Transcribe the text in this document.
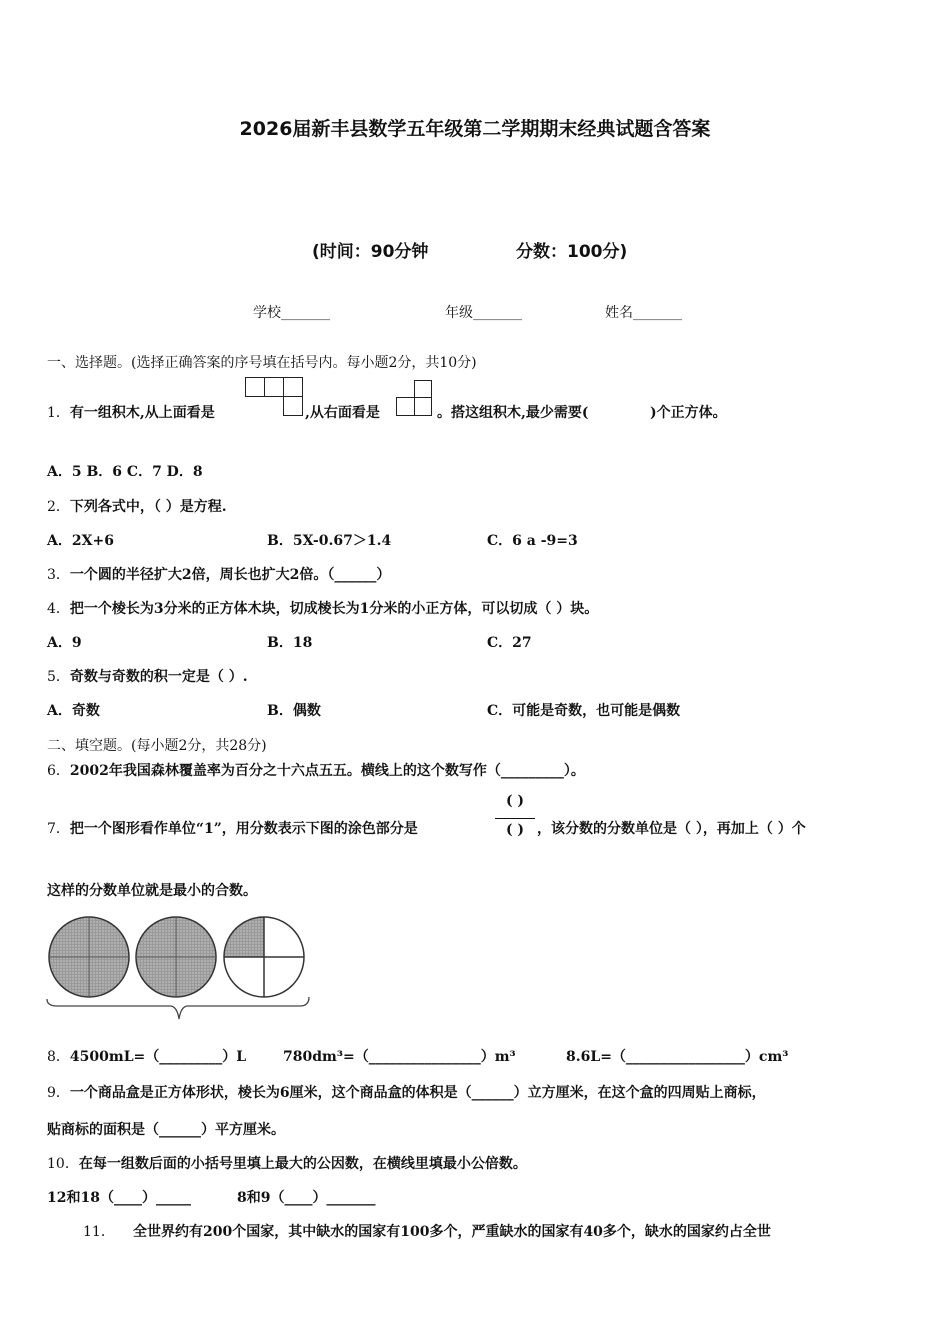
2026届新丰县数学五年级第二学期期末经典试题含答案
(时间：90分钟	分数：100分)
学校_______	年级_______	姓名_______
一、选择题。(选择正确答案的序号填在括号内。每小题2分，共10分)
1．有一组积木,从上面看是	,从右面看是	。搭这组积木,最少需要(	)个正方体。
A．5 B．6 C．7 D．8
2．下列各式中，（ ）是方程.
A．2X+6	B．5X-0.67＞1.4	C．6 a -9=3
3．一个圆的半径扩大2倍，周长也扩大2倍。（______）
4．把一个棱长为3分米的正方体木块，切成棱长为1分米的小正方体，可以切成（ ）块。
A．9	B．18	C．27
5．奇数与奇数的积一定是（ ）.
A．奇数	B．偶数	C．可能是奇数，也可能是偶数
二、填空题。(每小题2分，共28分)
6．2002年我国森林覆盖率为百分之十六点五五。横线上的这个数写作（_________）。
7．把一个图形看作单位“1”，用分数表示下图的涂色部分是
( )
( ) ，该分数的分数单位是（ ），再加上（ ）个
这样的分数单位就是最小的合数。
8．4500mL=（_________）L	780dm³=（________________）m³	8.6L=（_________________）cm³
9．一个商品盒是正方体形状，棱长为6厘米，这个商品盒的体积是（______）立方厘米，在这个盒的四周贴上商标，
贴商标的面积是（______）平方厘米。
10．在每一组数后面的小括号里填上最大的公因数，在横线里填最小公倍数。
12和18（____）_____	8和9（____）_______
11． 全世界约有200个国家，其中缺水的国家有100多个，严重缺水的国家有40多个，缺水的国家约占全世
